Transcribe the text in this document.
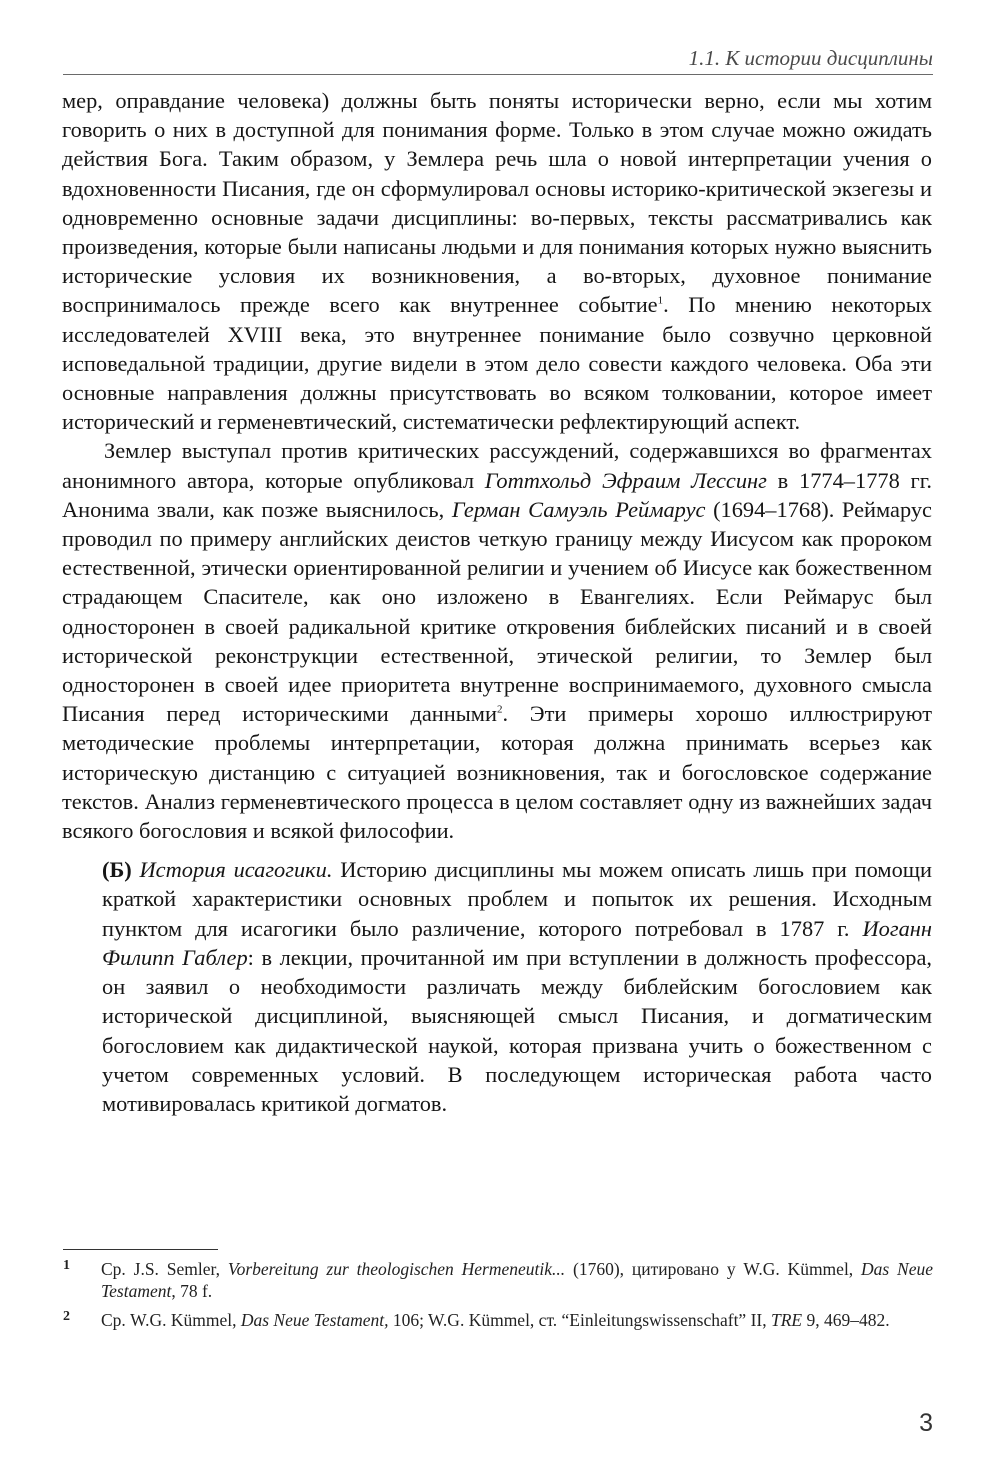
1.1. К истории дисциплины

мер, оправдание человека) должны быть поняты исторически верно, если мы хотим говорить о них в доступной для понимания форме. Только в этом случае можно ожидать действия Бога. Таким образом, у Землера речь шла о новой интерпретации учения о вдохновенности Писания, где он сформулировал основы историко-критической экзегезы и одновременно основные задачи дисциплины: во-первых, тексты рассматривались как произведения, которые были написаны людьми и для понимания которых нужно выяснить исторические условия их возникновения, а во-вторых, духовное понимание воспринималось прежде всего как внутреннее событие$^1$. По мнению некоторых исследователей XVIII века, это внутреннее понимание было созвучно церковной исповедальной традиции, другие видели в этом дело совести каждого человека. Оба эти основные направления должны присутствовать во всяком толковании, которое имеет исторический и герменевтический, систематически рефлектирующий аспект.

Землер выступал против критических рассуждений, содержавшихся во фрагментах анонимного автора, которые опубликовал Готтхольд Эфраим Лессинг в 1774–1778 гг. Анонима звали, как позже выяснилось, Герман Самуэль Реймарус (1694–1768). Реймарус проводил по примеру английских деистов четкую границу между Иисусом как пророком естественной, этически ориентированной религии и учением об Иисусе как божественном страдающем Спасителе, как оно изложено в Евангелиях. Если Реймарус был односторонен в своей радикальной критике откровения библейских писаний и в своей исторической реконструкции естественной, этической религии, то Землер был односторонен в своей идее приоритета внутренне воспринимаемого, духовного смысла Писания перед историческими данными$^2$. Эти примеры хорошо иллюстрируют методические проблемы интерпретации, которая должна принимать всерьез как историческую дистанцию с ситуацией возникновения, так и богословское содержание текстов. Анализ герменевтического процесса в целом составляет одну из важнейших задач всякого богословия и всякой философии.

(Б) История исагогики. Историю дисциплины мы можем описать лишь при помощи краткой характеристики основных проблем и попыток их решения. Исходным пунктом для исагогики было различение, которого потребовал в 1787 г. Иоганн Филипп Габлер: в лекции, прочитанной им при вступлении в должность профессора, он заявил о необходимости различать между библейским богословием как исторической дисциплиной, выясняющей смысл Писания, и догматическим богословием как дидактической наукой, которая призвана учить о божественном с учетом современных условий. В последующем историческая работа часто мотивировалась критикой догматов.

1 Ср. J.S. Semler, Vorbereitung zur theologischen Hermeneutik... (1760), цитировано у W.G. Kümmel, Das Neue Testament, 78 f.

2 Ср. W.G. Kümmel, Das Neue Testament, 106; W.G. Kümmel, ст. “Einleitungswissenschaft” II, TRE 9, 469–482.

3
